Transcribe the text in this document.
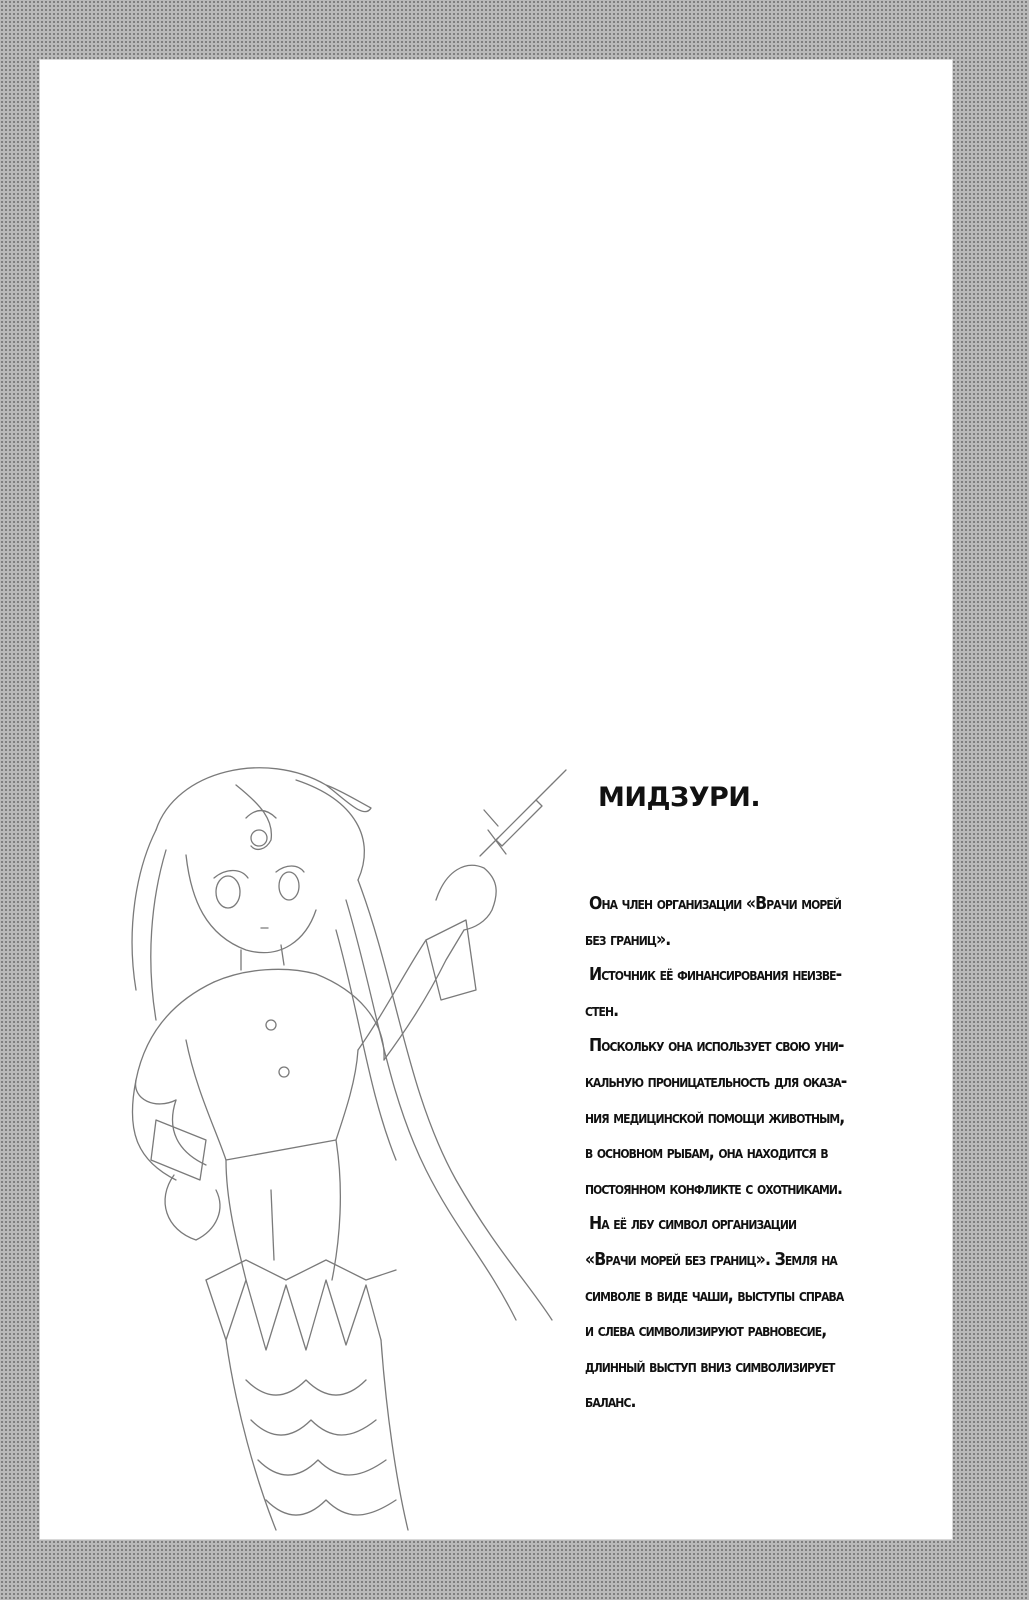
МИДЗУРИ.
Она член организации «Врачи морей
без границ».
Источник её финансирования неизве-
стен.
Поскольку она использует свою уни-
кальную проницательность для оказа-
ния медицинской помощи животным,
в основном рыбам, она находится в
постоянном конфликте с охотниками.
На её лбу символ организации
«Врачи морей без границ». Земля на
символе в виде чаши, выступы справа
и слева символизируют равновесие,
длинный выступ вниз символизирует
баланс.
